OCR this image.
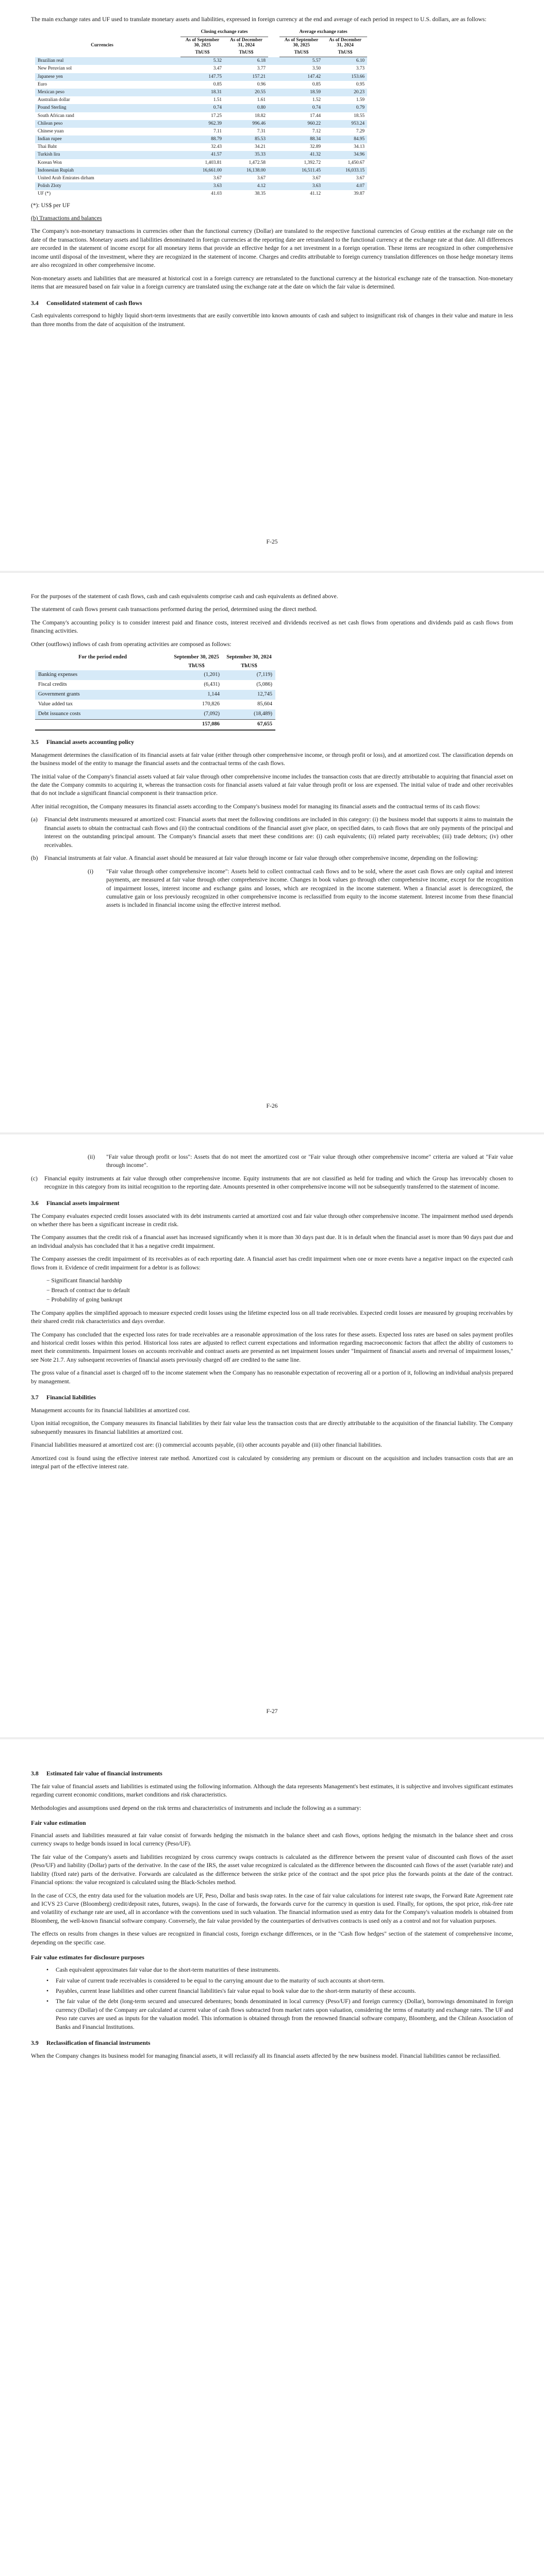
The main exchange rates and UF used to translate monetary assets and liabilities, expressed in foreign currency at the end and average of each period in respect to U.S. dollars, are as follows:

		Closing exchange rates			Average exchange rates	
Currencies		As of September 30, 2025	As of December 31, 2024		As of September 30, 2025	As of December 31, 2024
		ThUS$	ThUS$		ThUS$	ThUS$
Brazilian real		5.32	6.18		5.57	6.10
New Peruvian sol		3.47	3.77		3.50	3.73
Japanese yen		147.75	157.21		147.42	153.66
Euro		0.85	0.96		0.85	0.95
Mexican peso		18.31	20.55		18.59	20.23
Australian dollar		1.51	1.61		1.52	1.59
Pound Sterling		0.74	0.80		0.74	0.79
South African rand		17.25	18.82		17.44	18.55
Chilean peso		962.39	996.46		960.22	953.24
Chinese yuan		7.11	7.31		7.12	7.29
Indian rupee		88.79	85.53		88.34	84.95
Thai Baht		32.43	34.21		32.89	34.13
Turkish lira		41.57	35.33		41.32	34.96
Korean Won		1,403.81	1,472.58		1,392.72	1,450.67
Indonesian Rupiah		16,661.00	16,138.00		16,511.45	16,033.15
United Arab Emirates dirham		3.67	3.67		3.67	3.67
Polish Zloty		3.63	4.12		3.63	4.07
UF (*)		41.03	38.35		41.12	39.87

(*): US$ per UF

(b) Transactions and balances

The Company's non-monetary transactions in currencies other than the functional currency (Dollar) are translated to the respective functional currencies of Group entities at the exchange rate on the date of the transactions. Monetary assets and liabilities denominated in foreign currencies at the reporting date are retranslated to the functional currency at the exchange rate at that date. All differences are recorded in the statement of income except for all monetary items that provide an effective hedge for a net investment in a foreign operation. These items are recognized in other comprehensive income until disposal of the investment, where they are recognized in the statement of income. Charges and credits attributable to foreign currency translation differences on those hedge monetary items are also recognized in other comprehensive income.

Non-monetary assets and liabilities that are measured at historical cost in a foreign currency are retranslated to the functional currency at the historical exchange rate of the transaction. Non-monetary items that are measured based on fair value in a foreign currency are translated using the exchange rate at the date on which the fair value is determined.

3.4 Consolidated statement of cash flows

Cash equivalents correspond to highly liquid short-term investments that are easily convertible into known amounts of cash and subject to insignificant risk of changes in their value and mature in less than three months from the date of acquisition of the instrument.

F-25

For the purposes of the statement of cash flows, cash and cash equivalents comprise cash and cash equivalents as defined above.

The statement of cash flows present cash transactions performed during the period, determined using the direct method.

The Company's accounting policy is to consider interest paid and finance costs, interest received and dividends received as net cash flows from operations and dividends paid as cash flows from financing activities.

Other (outflows) inflows of cash from operating activities are composed as follows:

For the period ended	September 30, 2025	September 30, 2024
	ThUS$	ThUS$
Banking expenses	(1,201)	(7,119)
Fiscal credits	(6,431)	(5,086)
Government grants	1,144	12,745
Value added tax	170,826	85,604
Debt issuance costs	(7,092)	(18,489)
	157,086	67,655
3.5 Financial assets accounting policy

Management determines the classification of its financial assets at fair value (either through other comprehensive income, or through profit or loss), and at amortized cost. The classification depends on the business model of the entity to manage the financial assets and the contractual terms of the cash flows.

The initial value of the Company's financial assets valued at fair value through other comprehensive income includes the transaction costs that are directly attributable to acquiring that financial asset on the date the Company commits to acquiring it, whereas the transaction costs for financial assets valued at fair value through profit or loss are expensed. The initial value of trade and other receivables that do not include a significant financial component is their transaction price.

After initial recognition, the Company measures its financial assets according to the Company's business model for managing its financial assets and the contractual terms of its cash flows:

(a)	Financial debt instruments measured at amortized cost: Financial assets that meet the following conditions are included in this category: (i) the business model that supports it aims to maintain the financial assets to obtain the contractual cash flows and (ii) the contractual conditions of the financial asset give place, on specified dates, to cash flows that are only payments of the principal and interest on the outstanding principal amount. The Company's financial assets that meet these conditions are: (i) cash equivalents; (ii) related party receivables; (iii) trade debtors; (iv) other receivables.
(b)	Financial instruments at fair value. A financial asset should be measured at fair value through income or fair value through other comprehensive income, depending on the following:
(i)	"Fair value through other comprehensive income": Assets held to collect contractual cash flows and to be sold, where the asset cash flows are only capital and interest payments, are measured at fair value through other comprehensive income. Changes in book values go through other comprehensive income, except for the recognition of impairment losses, interest income and exchange gains and losses, which are recognized in the income statement. When a financial asset is derecognized, the cumulative gain or loss previously recognized in other comprehensive income is reclassified from equity to the income statement. Interest income from these financial assets is included in financial income using the effective interest method.
F-26
(ii)	"Fair value through profit or loss": Assets that do not meet the amortized cost or "Fair value through other comprehensive income" criteria are valued at "Fair value through income".
(c)	Financial equity instruments at fair value through other comprehensive income. Equity instruments that are not classified as held for trading and which the Group has irrevocably chosen to recognize in this category from its initial recognition to the reporting date. Amounts presented in other comprehensive income will not be subsequently transferred to the statement of income.
3.6 Financial assets impairment

The Company evaluates expected credit losses associated with its debt instruments carried at amortized cost and fair value through other comprehensive income. The impairment method used depends on whether there has been a significant increase in credit risk.

The Company assumes that the credit risk of a financial asset has increased significantly when it is more than 30 days past due. It is in default when the financial asset is more than 90 days past due and an individual analysis has concluded that it has a negative credit impairment.

The Company assesses the credit impairment of its receivables as of each reporting date. A financial asset has credit impairment when one or more events have a negative impact on the expected cash flows from it. Evidence of credit impairment for a debtor is as follows:

− Significant financial hardship
− Breach of contract due to default
− Probability of going bankrupt

The Company applies the simplified approach to measure expected credit losses using the lifetime expected loss on all trade receivables. Expected credit losses are measured by grouping receivables by their shared credit risk characteristics and days overdue.

The Company has concluded that the expected loss rates for trade receivables are a reasonable approximation of the loss rates for these assets. Expected loss rates are based on sales payment profiles and historical credit losses within this period. Historical loss rates are adjusted to reflect current expectations and information regarding macroeconomic factors that affect the ability of customers to meet their commitments. Impairment losses on accounts receivable and contract assets are presented as net impairment losses under "Impairment of financial assets and reversal of impairment losses," see Note 21.7. Any subsequent recoveries of financial assets previously charged off are credited to the same line.

The gross value of a financial asset is charged off to the income statement when the Company has no reasonable expectation of recovering all or a portion of it, following an individual analysis prepared by management.

3.7 Financial liabilities

Management accounts for its financial liabilities at amortized cost.

Upon initial recognition, the Company measures its financial liabilities by their fair value less the transaction costs that are directly attributable to the acquisition of the financial liability. The Company subsequently measures its financial liabilities at amortized cost.

Financial liabilities measured at amortized cost are: (i) commercial accounts payable, (ii) other accounts payable and (iii) other financial liabilities.

Amortized cost is found using the effective interest rate method. Amortized cost is calculated by considering any premium or discount on the acquisition and includes transaction costs that are an integral part of the effective interest rate.

F-27
3.8 Estimated fair value of financial instruments

The fair value of financial assets and liabilities is estimated using the following information. Although the data represents Management's best estimates, it is subjective and involves significant estimates regarding current economic conditions, market conditions and risk characteristics.

Methodologies and assumptions used depend on the risk terms and characteristics of instruments and include the following as a summary:

Fair value estimation

Financial assets and liabilities measured at fair value consist of forwards hedging the mismatch in the balance sheet and cash flows, options hedging the mismatch in the balance sheet and cross currency swaps to hedge bonds issued in local currency (Peso/UF).

The fair value of the Company's assets and liabilities recognized by cross currency swaps contracts is calculated as the difference between the present value of discounted cash flows of the asset (Peso/UF) and liability (Dollar) parts of the derivative. In the case of the IRS, the asset value recognized is calculated as the difference between the discounted cash flows of the asset (variable rate) and liability (fixed rate) parts of the derivative. Forwards are calculated as the difference between the strike price of the contract and the spot price plus the forwards points at the date of the contract. Financial options: the value recognized is calculated using the Black-Scholes method.

In the case of CCS, the entry data used for the valuation models are UF, Peso, Dollar and basis swap rates. In the case of fair value calculations for interest rate swaps, the Forward Rate Agreement rate and ICVS 23 Curve (Bloomberg) credit/deposit rates, futures, swaps). In the case of forwards, the forwards curve for the currency in question is used. Finally, for options, the spot price, risk-free rate and volatility of exchange rate are used, all in accordance with the conventions used in such valuation. The financial information used as entry data for the Company's valuation models is obtained from Bloomberg, the well-known financial software company. Conversely, the fair value provided by the counterparties of derivatives contracts is used only as a control and not for valuation purposes.

The effects on results from changes in these values are recognized in financial costs, foreign exchange differences, or in the "Cash flow hedges" section of the statement of comprehensive income, depending on the specific case.

Fair value estimates for disclosure purposes
•	Cash equivalent approximates fair value due to the short-term maturities of these instruments.
•	Fair value of current trade receivables is considered to be equal to the carrying amount due to the maturity of such accounts at short-term.
•	Payables, current lease liabilities and other current financial liabilities's fair value equal to book value due to the short-term maturity of these accounts.
•	The fair value of the debt (long-term secured and unsecured debentures; bonds denominated in local currency (Peso/UF) and foreign currency (Dollar), borrowings denominated in foreign currency (Dollar) of the Company are calculated at current value of cash flows subtracted from market rates upon valuation, considering the terms of maturity and exchange rates. The UF and Peso rate curves are used as inputs for the valuation model. This information is obtained through from the renowned financial software company, Bloomberg, and the Chilean Association of Banks and Financial Institutions.
3.9 Reclassification of financial instruments

When the Company changes its business model for managing financial assets, it will reclassify all its financial assets affected by the new business model. Financial liabilities cannot be reclassified.
